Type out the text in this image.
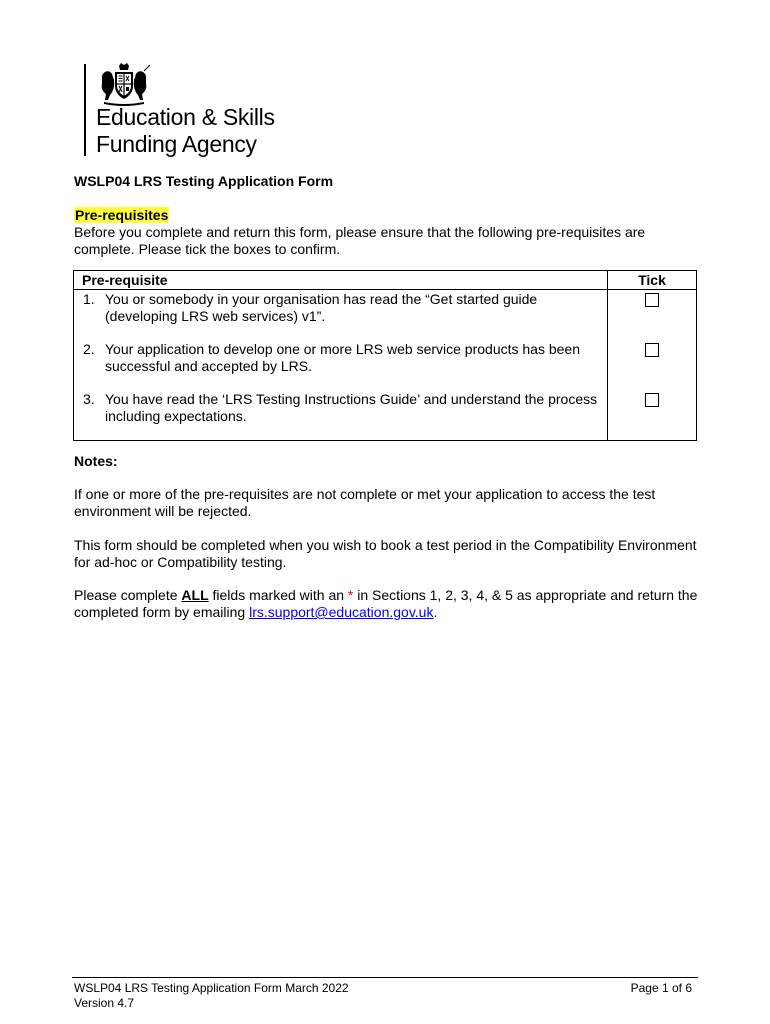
Education & Skills
Funding Agency
WSLP04 LRS Testing Application Form
Pre-requisites
Before you complete and return this form, please ensure that the following pre-requisites are complete. Please tick the boxes to confirm.
Pre-requisite	Tick

1. You or somebody in your organisation has read the “Get started guide (developing LRS web services) v1”.	

2. Your application to develop one or more LRS web service products has been successful and accepted by LRS.	

3. You have read the ‘LRS Testing Instructions Guide’ and understand the process including expectations.	

Notes:
If one or more of the pre-requisites are not complete or met your application to access the test environment will be rejected.
This form should be completed when you wish to book a test period in the Compatibility Environment for ad-hoc or Compatibility testing.
Please complete ALL fields marked with an * in Sections 1, 2, 3, 4, & 5 as appropriate and return the completed form by emailing lrs.support@education.gov.uk.
WSLP04 LRS Testing Application Form March 2022
Version 4.7
Page 1 of 6
